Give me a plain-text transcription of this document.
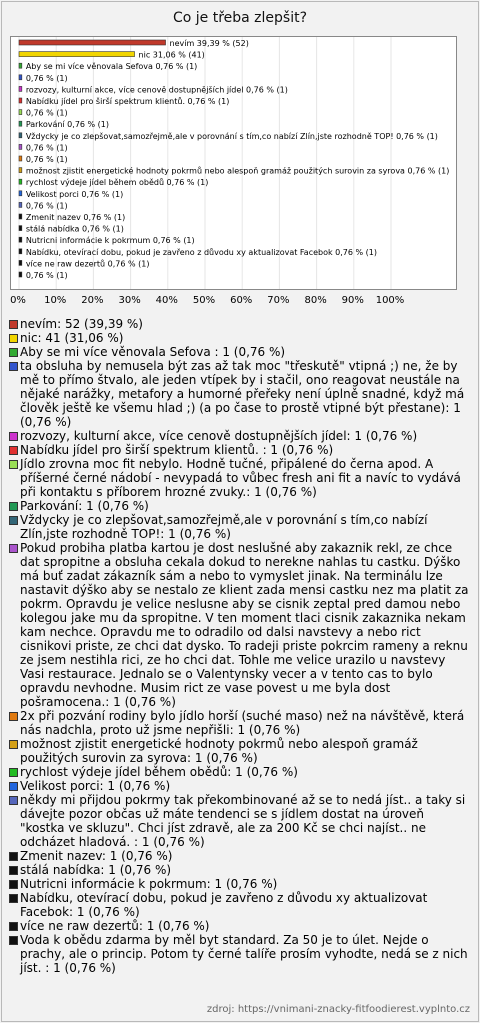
Co je třeba zlepšit?
nevím 39,39 % (52)
nic 31,06 % (41)
Aby se mi více věnovala Sefova 0,76 % (1)
0,76 % (1)
rozvozy, kulturní akce, více cenově dostupnějších jídel 0,76 % (1)
Nabídku jídel pro širší spektrum klientů. 0,76 % (1)
0,76 % (1)
Parkování 0,76 % (1)
Vždycky je co zlepšovat,samozřejmě,ale v porovnání s tím,co nabízí Zlín,jste rozhodně TOP! 0,76 % (1)
0,76 % (1)
0,76 % (1)
možnost zjistit energetické hodnoty pokrmů nebo alespoň gramáž použitých surovin za syrova 0,76 % (1)
rychlost výdeje jídel během obědů 0,76 % (1)
Velikost porci 0,76 % (1)
0,76 % (1)
Zmenit nazev 0,76 % (1)
stálá nabídka 0,76 % (1)
Nutricni informácie k pokrmum 0,76 % (1)
Nabídku, otevírací dobu, pokud je zavřeno z důvodu xy aktualizovat Facebok 0,76 % (1)
více ne raw dezertů 0,76 % (1)
0,76 % (1)
0% 10% 20% 30% 40% 50% 60% 70% 80% 90% 100%
nevím: 52 (39,39 %)
nic: 41 (31,06 %)
Aby se mi více věnovala Sefova : 1 (0,76 %)
ta obsluha by nemusela být zas až tak moc "třeskutě" vtipná ;) ne, že by mě to přímo štvalo, ale jeden vtípek by i stačil, ono reagovat neustále na nějaké narážky, metafory a humorné přeřeky není úplně snadné, když má člověk ještě ke všemu hlad ;) (a po čase to prostě vtipné být přestane): 1 (0,76 %)
rozvozy, kulturní akce, více cenově dostupnějších jídel: 1 (0,76 %)
Nabídku jídel pro širší spektrum klientů. : 1 (0,76 %)
Jídlo zrovna moc fit nebylo. Hodně tučné, připálené do černa apod. A příšerné černé nádobí - nevypadá to vůbec fresh ani fit a navíc to vydává při kontaktu s příborem hrozné zvuky.: 1 (0,76 %)
Parkování: 1 (0,76 %)
Vždycky je co zlepšovat,samozřejmě,ale v porovnání s tím,co nabízí Zlín,jste rozhodně TOP!: 1 (0,76 %)
Pokud probiha platba kartou je dost neslušné aby zakaznik rekl, ze chce dat spropitne a obsluha cekala dokud to nerekne nahlas tu castku. Dýško má buť zadat zákazník sám a nebo to vymyslet jinak. Na terminálu lze nastavit dýško aby se nestalo ze klient zada mensi castku nez ma platit za pokrm. Opravdu je velice neslusne aby se cisnik zeptal pred damou nebo kolegou jake mu da spropitne. V ten moment tlaci cisnik zakaznika nekam kam nechce. Opravdu me to odradilo od dalsi navstevy a nebo rict cisnikovi priste, ze chci dat dysko. To radeji priste pokrcim rameny a reknu ze jsem nestihla rici, ze ho chci dat. Tohle me velice urazilo u navstevy Vasi restaurace. Jednalo se o Valentynsky vecer a v tento cas to bylo opravdu nevhodne. Musim rict ze vase povest u me byla dost pošramocena.: 1 (0,76 %)
2x při pozvání rodiny bylo jídlo horší (suché maso) než na návštěvě, která nás nadchla, proto už jsme nepřišli: 1 (0,76 %)
možnost zjistit energetické hodnoty pokrmů nebo alespoň gramáž použitých surovin za syrova: 1 (0,76 %)
rychlost výdeje jídel během obědů: 1 (0,76 %)
Velikost porci: 1 (0,76 %)
někdy mi přijdou pokrmy tak překombinované až se to nedá jíst.. a taky si dávejte pozor občas už máte tendenci se s jídlem dostat na úroveň "kostka ve skluzu". Chci jíst zdravě, ale za 200 Kč se chci najíst.. ne odcházet hladová. : 1 (0,76 %)
Zmenit nazev: 1 (0,76 %)
stálá nabídka: 1 (0,76 %)
Nutricni informácie k pokrmum: 1 (0,76 %)
Nabídku, otevírací dobu, pokud je zavřeno z důvodu xy aktualizovat Facebok: 1 (0,76 %)
více ne raw dezertů: 1 (0,76 %)
Voda k obědu zdarma by měl byt standard. Za 50 je to úlet. Nejde o prachy, ale o princip. Potom ty černé talíře prosím vyhodte, nedá se z nich jíst. : 1 (0,76 %)
zdroj: https://vnimani-znacky-fitfoodierest.vyplnto.cz
